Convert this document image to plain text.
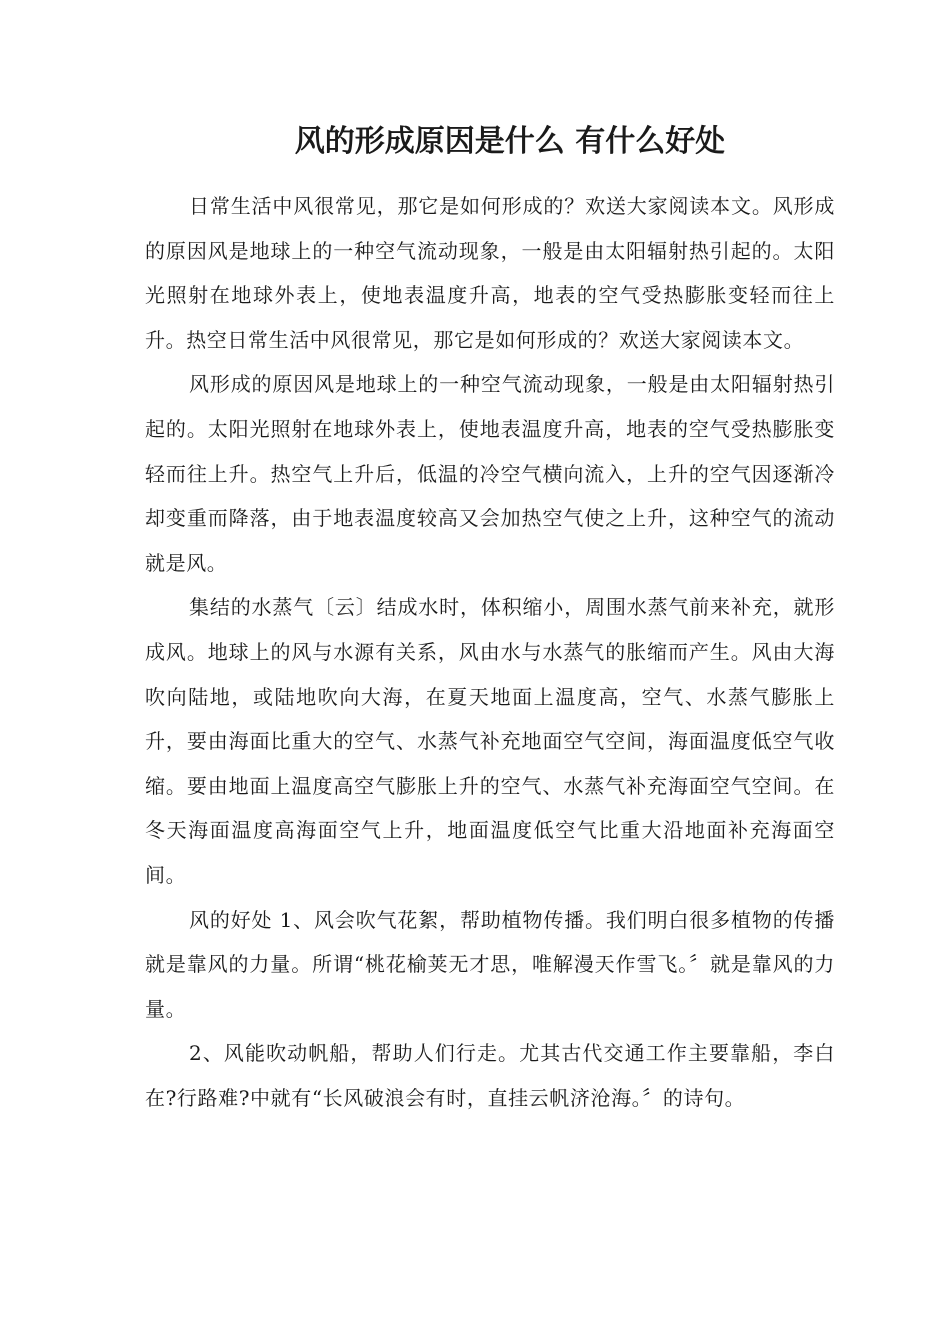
风的形成原因是什么 有什么好处

日常生活中风很常见，那它是如何形成的？欢送大家阅读本文。风形成的原因风是地球上的一种空气流动现象，一般是由太阳辐射热引起的。太阳光照射在地球外表上，使地表温度升高，地表的空气受热膨胀变轻而往上升。热空日常生活中风很常见，那它是如何形成的？欢送大家阅读本文。

风形成的原因风是地球上的一种空气流动现象，一般是由太阳辐射热引起的。太阳光照射在地球外表上，使地表温度升高，地表的空气受热膨胀变轻而往上升。热空气上升后，低温的冷空气横向流入，上升的空气因逐渐冷却变重而降落，由于地表温度较高又会加热空气使之上升，这种空气的流动就是风。

集结的水蒸气〔云〕结成水时，体积缩小，周围水蒸气前来补充，就形成风。地球上的风与水源有关系，风由水与水蒸气的胀缩而产生。风由大海吹向陆地，或陆地吹向大海，在夏天地面上温度高，空气、水蒸气膨胀上升，要由海面比重大的空气、水蒸气补充地面空气空间，海面温度低空气收缩。要由地面上温度高空气膨胀上升的空气、水蒸气补充海面空气空间。在冬天海面温度高海面空气上升，地面温度低空气比重大沿地面补充海面空间。

风的好处 1、风会吹气花絮，帮助植物传播。我们明白很多植物的传播就是靠风的力量。所谓“桃花榆荚无才思，唯解漫天作雪飞。〞就是靠风的力量。

2、风能吹动帆船，帮助人们行走。尤其古代交通工作主要靠船，李白在?行路难?中就有“长风破浪会有时，直挂云帆济沧海。〞的诗句。
